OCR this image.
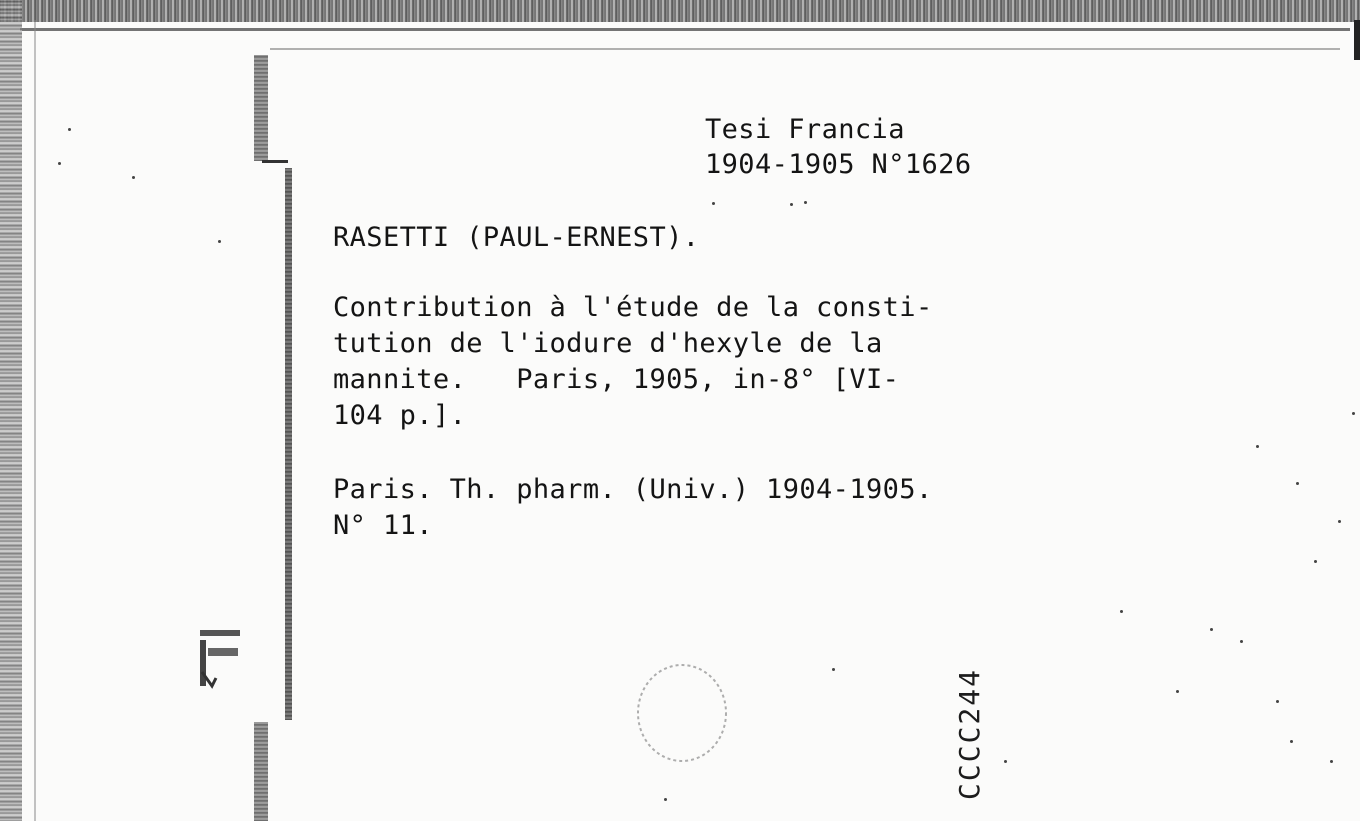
Tesi Francia
1904-1905 N°1626
RASETTI (PAUL-ERNEST).
Contribution à l'étude de la consti-
tution de l'iodure d'hexyle de la
mannite.   Paris, 1905, in-8° [VI-
104 p.].
Paris. Th. pharm. (Univ.) 1904-1905.
N° 11.
CCCC244
